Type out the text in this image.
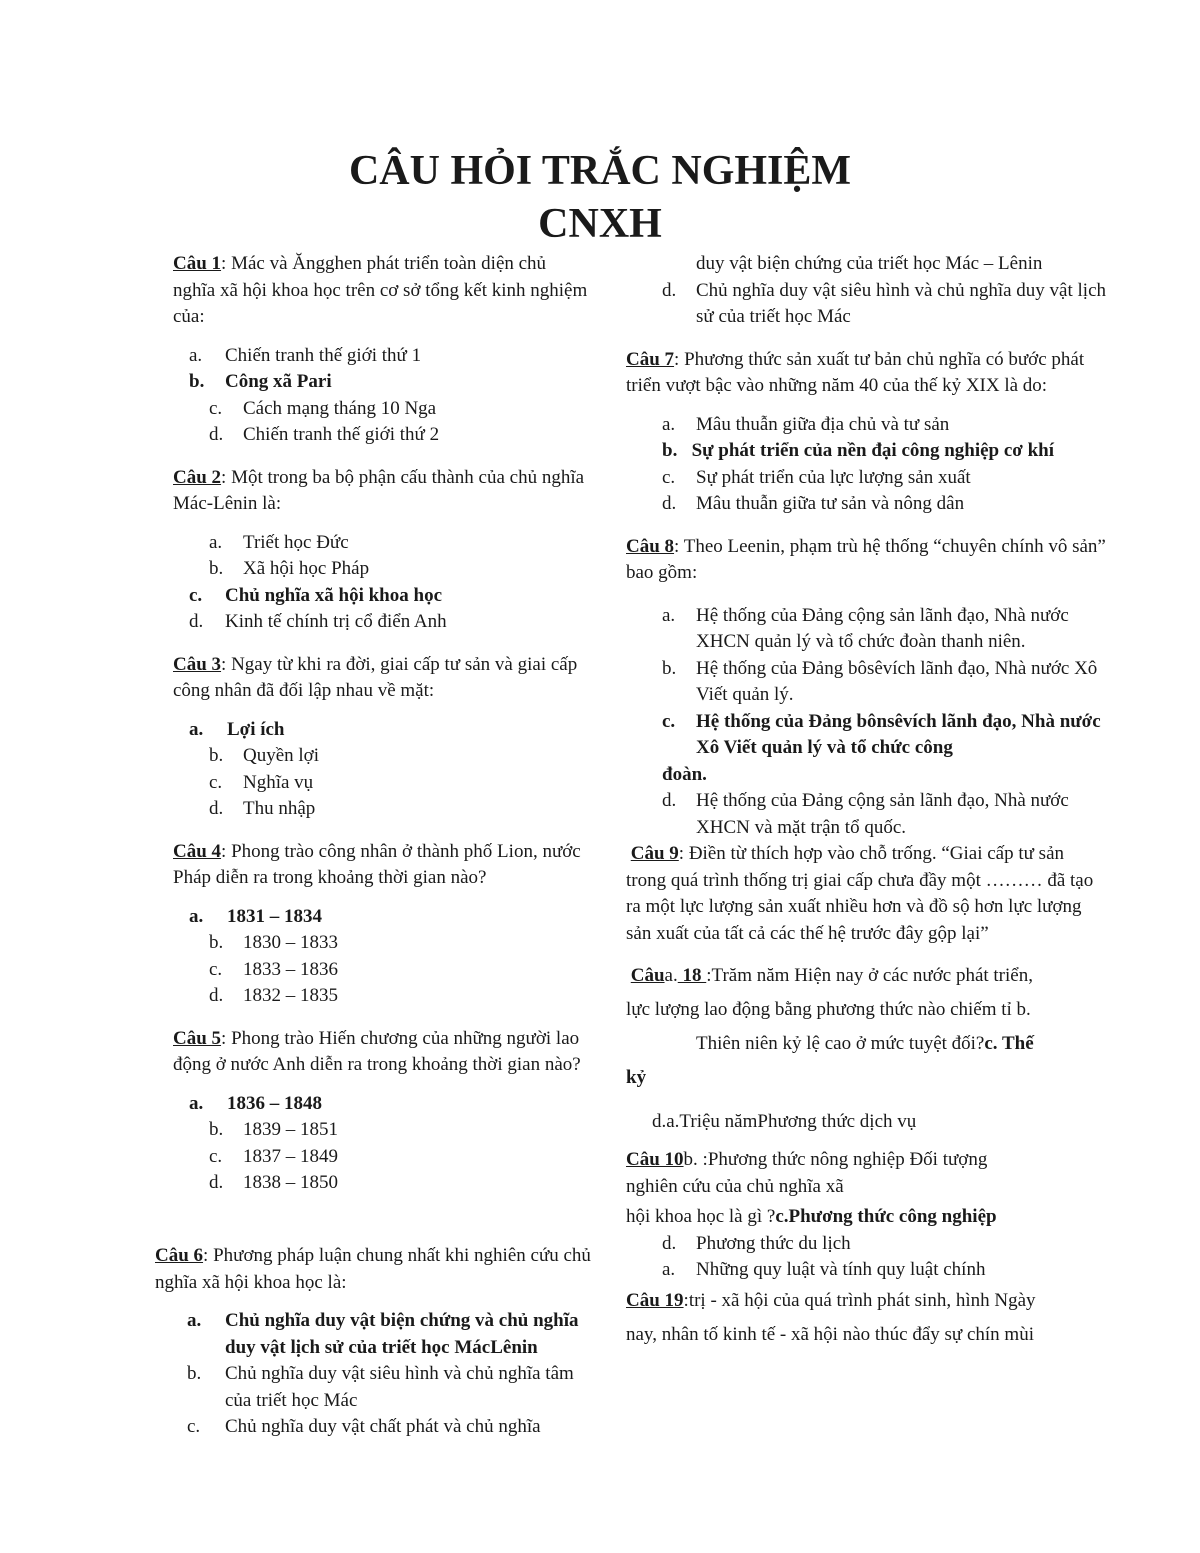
CÂU HỎI TRẮC NGHIỆM
CNXH

Câu 1: Mác và Ăngghen phát triển toàn diện chủ nghĩa xã hội khoa học trên cơ sở tổng kết kinh nghiệm của:

a.	Chiến tranh thế giới thứ 1
b.	Công xã Pari
c.	Cách mạng tháng 10 Nga
d.	Chiến tranh thế giới thứ 2

Câu 2: Một trong ba bộ phận cấu thành của chủ nghĩa Mác-Lênin là:

a.	Triết học Đức
b.	Xã hội học Pháp
c.	Chủ nghĩa xã hội khoa học
d.	Kinh tế chính trị cổ điển Anh

Câu 3: Ngay từ khi ra đời, giai cấp tư sản và giai cấp công nhân đã đối lập nhau về mặt:

a.	Lợi ích
b.	Quyền lợi
c.	Nghĩa vụ
d.	Thu nhập

Câu 4: Phong trào công nhân ở thành phố Lion, nước Pháp diễn ra trong khoảng thời gian nào?

a.	1831 – 1834
b.	1830 – 1833
c.	1833 – 1836
d.	1832 – 1835

Câu 5: Phong trào Hiến chương của những người lao động ở nước Anh diễn ra trong khoảng thời gian nào?

a.	1836 – 1848
b.	1839 – 1851
c.	1837 – 1849
d.	1838 – 1850

Câu 6: Phương pháp luận chung nhất khi nghiên cứu chủ nghĩa xã hội khoa học là:

a.	Chủ nghĩa duy vật biện chứng và chủ nghĩa duy vật lịch sử của triết học MácLênin
b.	Chủ nghĩa duy vật siêu hình và chủ nghĩa tâm của triết học Mác
c.	Chủ nghĩa duy vật chất phát và chủ nghĩa
duy vật biện chứng của triết học Mác – Lênin
d.	Chủ nghĩa duy vật siêu hình và chủ nghĩa duy vật lịch sử của triết học Mác

Câu 7: Phương thức sản xuất tư bản chủ nghĩa có bước phát triển vượt bậc vào những năm 40 của thế kỷ XIX là do:

a.	Mâu thuẫn giữa địa chủ và tư sản
b. Sự phát triển của nền đại công nghiệp cơ khí
c.	Sự phát triển của lực lượng sản xuất
d.	Mâu thuẫn giữa tư sản và nông dân

Câu 8: Theo Leenin, phạm trù hệ thống “chuyên chính vô sản” bao gồm:

a.	Hệ thống của Đảng cộng sản lãnh đạo, Nhà nước XHCN quản lý và tổ chức đoàn thanh niên.
b.	Hệ thống của Đảng bôsêvích lãnh đạo, Nhà nước Xô Viết quản lý.
c.	Hệ thống của Đảng bônsêvích lãnh đạo, Nhà nước Xô Viết quản lý và tổ chức công
đoàn.
d.	Hệ thống của Đảng cộng sản lãnh đạo, Nhà nước XHCN và mặt trận tổ quốc.

Câu 9: Điền từ thích hợp vào chỗ trống. “Giai cấp tư sản trong quá trình thống trị giai cấp chưa đầy một ……… đã tạo ra một lực lượng sản xuất nhiều hơn và đồ sộ hơn lực lượng sản xuất của tất cả các thế hệ trước đây gộp lại”

Câua. 18 :Trăm năm Hiện nay ở các nước phát triển,
lực lượng lao động bằng phương thức nào chiếm tỉ b.
Thiên niên kỷ lệ cao ở mức tuyệt đối?c. Thế
kỷ
d.a.Triệu nămPhương thức dịch vụ
Câu 10b. :Phương thức nông nghiệp Đối tượng
nghiên cứu của chủ nghĩa xã
hội khoa học là gì ?c.Phương thức công nghiệp
d.	Phương thức du lịch
a.	Những quy luật và tính quy luật chính
Câu 19:trị - xã hội của quá trình phát sinh, hình Ngày
nay, nhân tố kinh tế - xã hội nào thúc đẩy sự chín mùi
